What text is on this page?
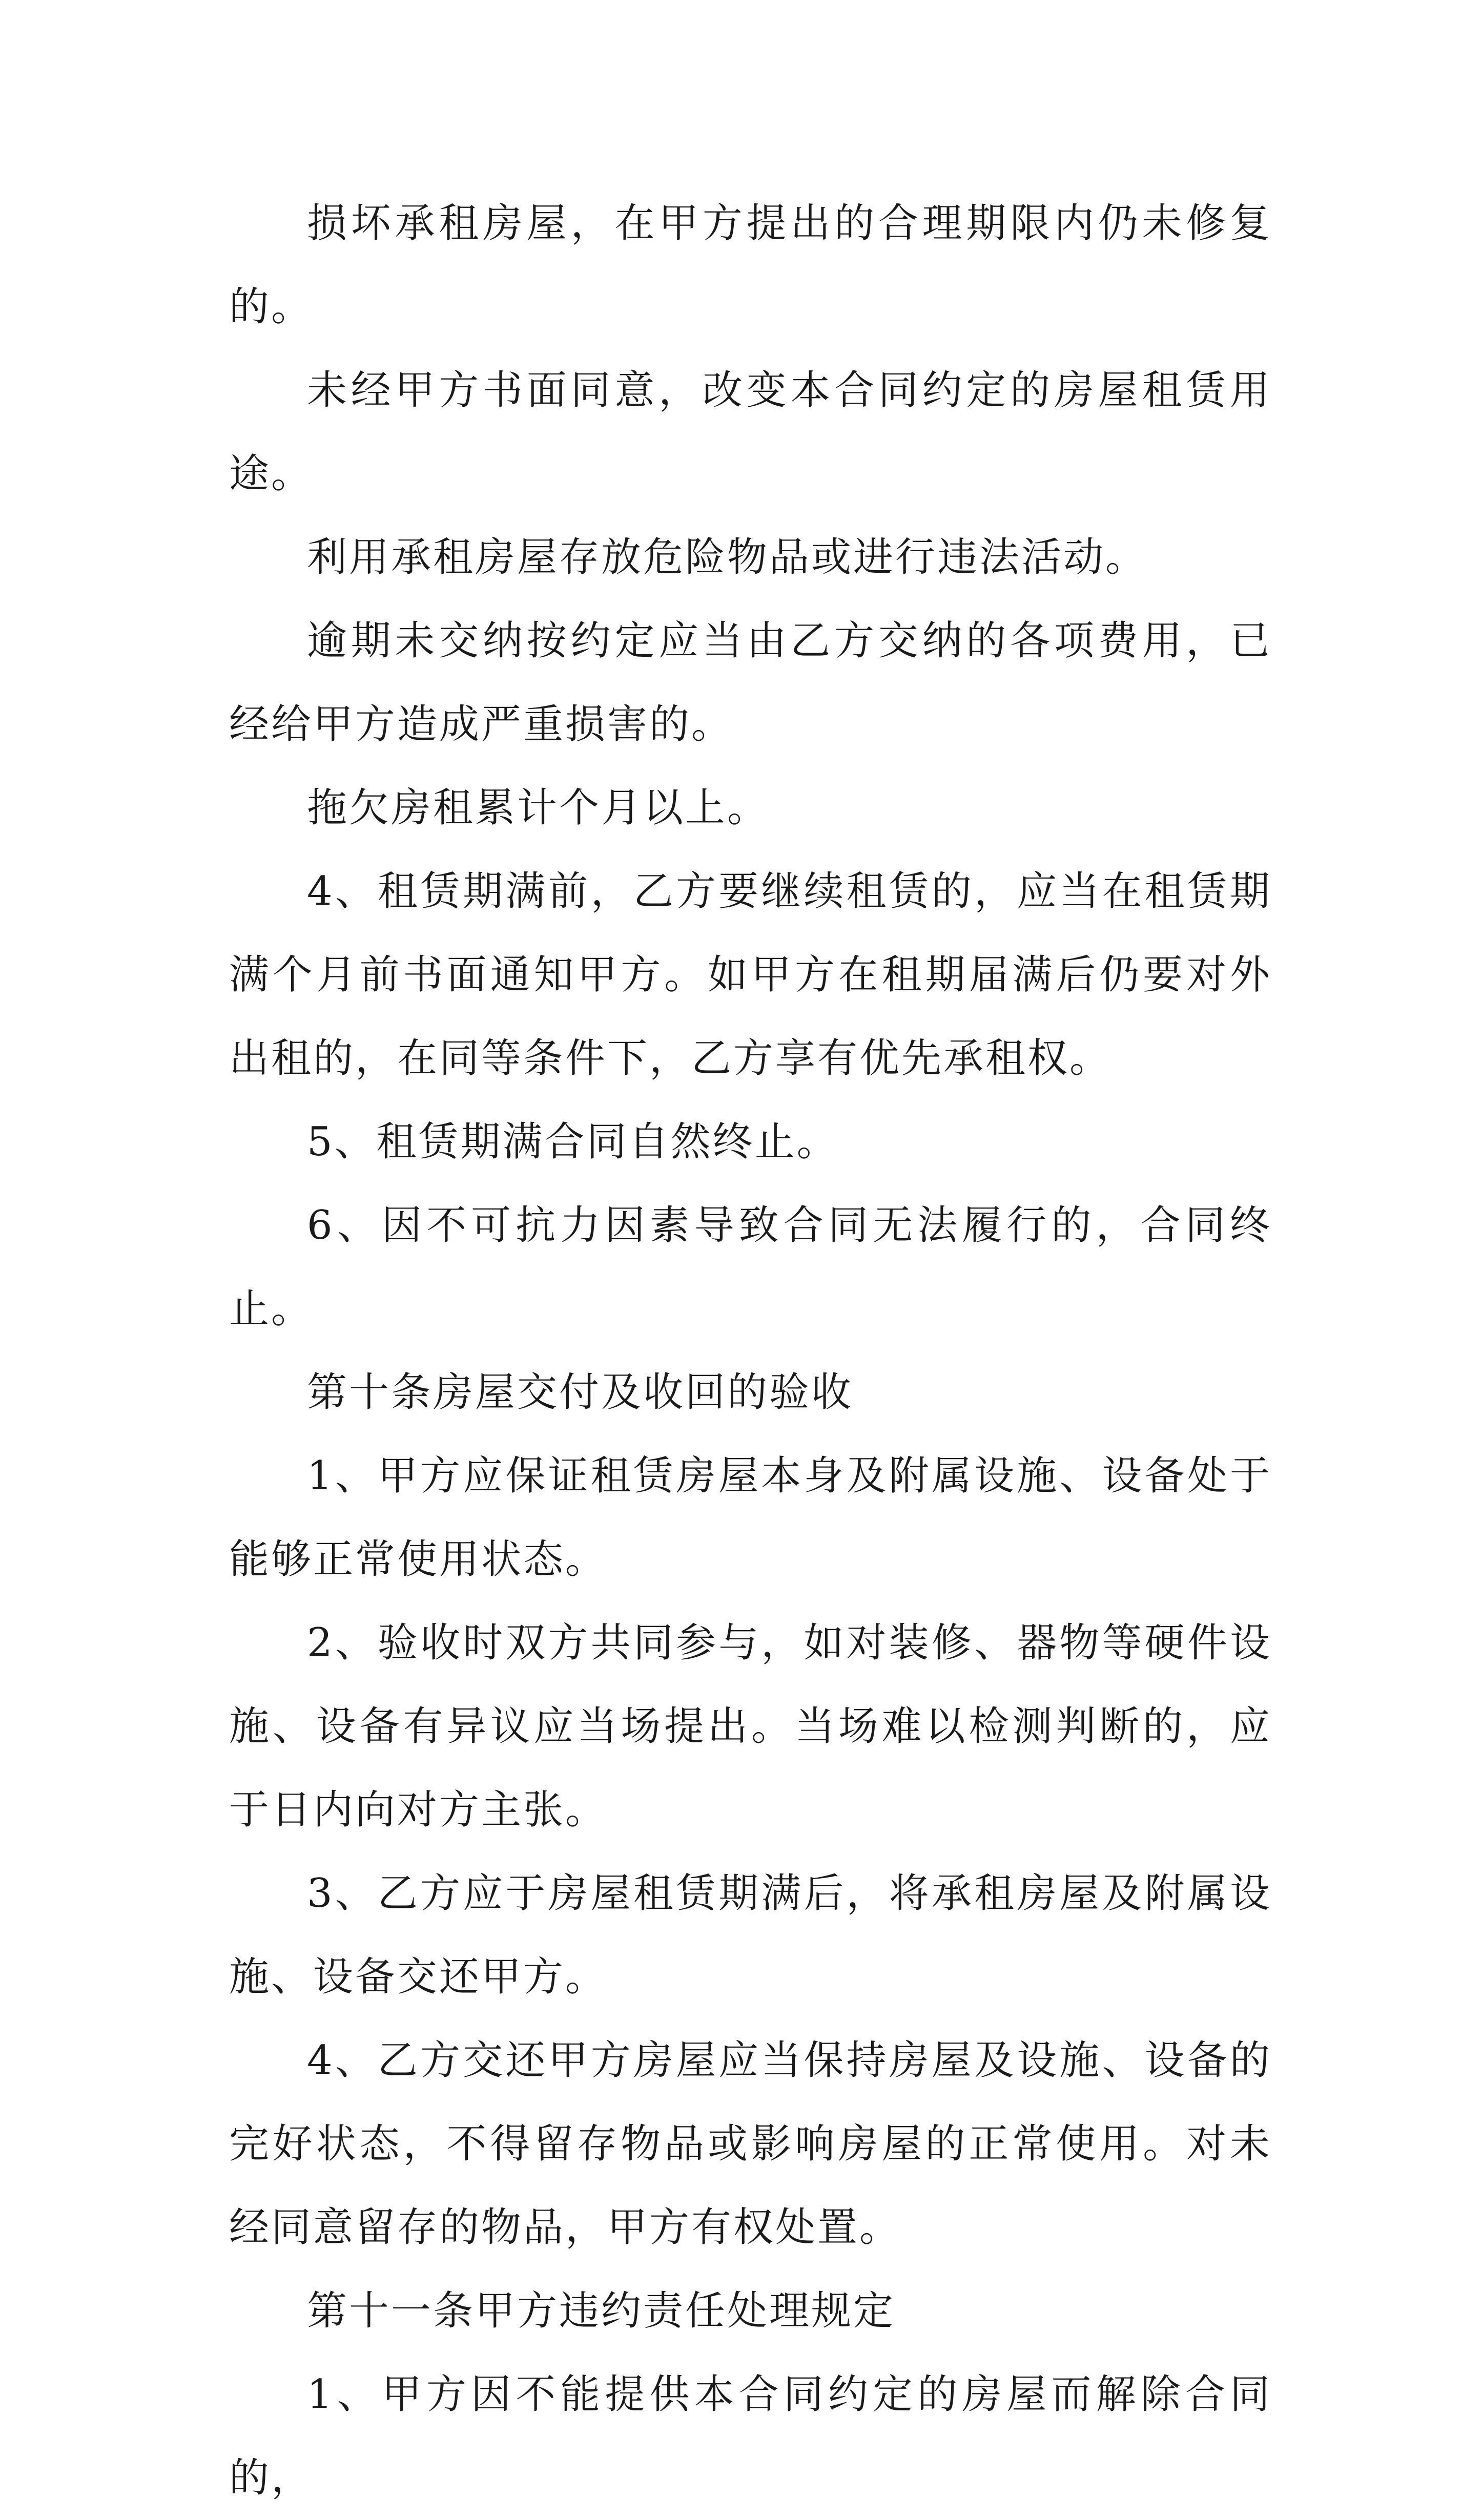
损坏承租房屋，在甲方提出的合理期限内仍未修复的。

未经甲方书面同意，改变本合同约定的房屋租赁用途。

利用承租房屋存放危险物品或进行违法活动。

逾期未交纳按约定应当由乙方交纳的各项费用，已经给甲方造成严重损害的。

拖欠房租累计个月以上。

4、租赁期满前，乙方要继续租赁的，应当在租赁期满个月前书面通知甲方。如甲方在租期届满后仍要对外出租的，在同等条件下，乙方享有优先承租权。

5、租赁期满合同自然终止。

6、因不可抗力因素导致合同无法履行的，合同终止。

第十条房屋交付及收回的验收

1、甲方应保证租赁房屋本身及附属设施、设备处于能够正常使用状态。

2、验收时双方共同参与，如对装修、器物等硬件设施、设备有异议应当场提出。当场难以检测判断的，应于日内向对方主张。

3、乙方应于房屋租赁期满后，将承租房屋及附属设施、设备交还甲方。

4、乙方交还甲方房屋应当保持房屋及设施、设备的完好状态，不得留存物品或影响房屋的正常使用。对未经同意留存的物品，甲方有权处置。

第十一条甲方违约责任处理规定

1、甲方因不能提供本合同约定的房屋而解除合同的，
